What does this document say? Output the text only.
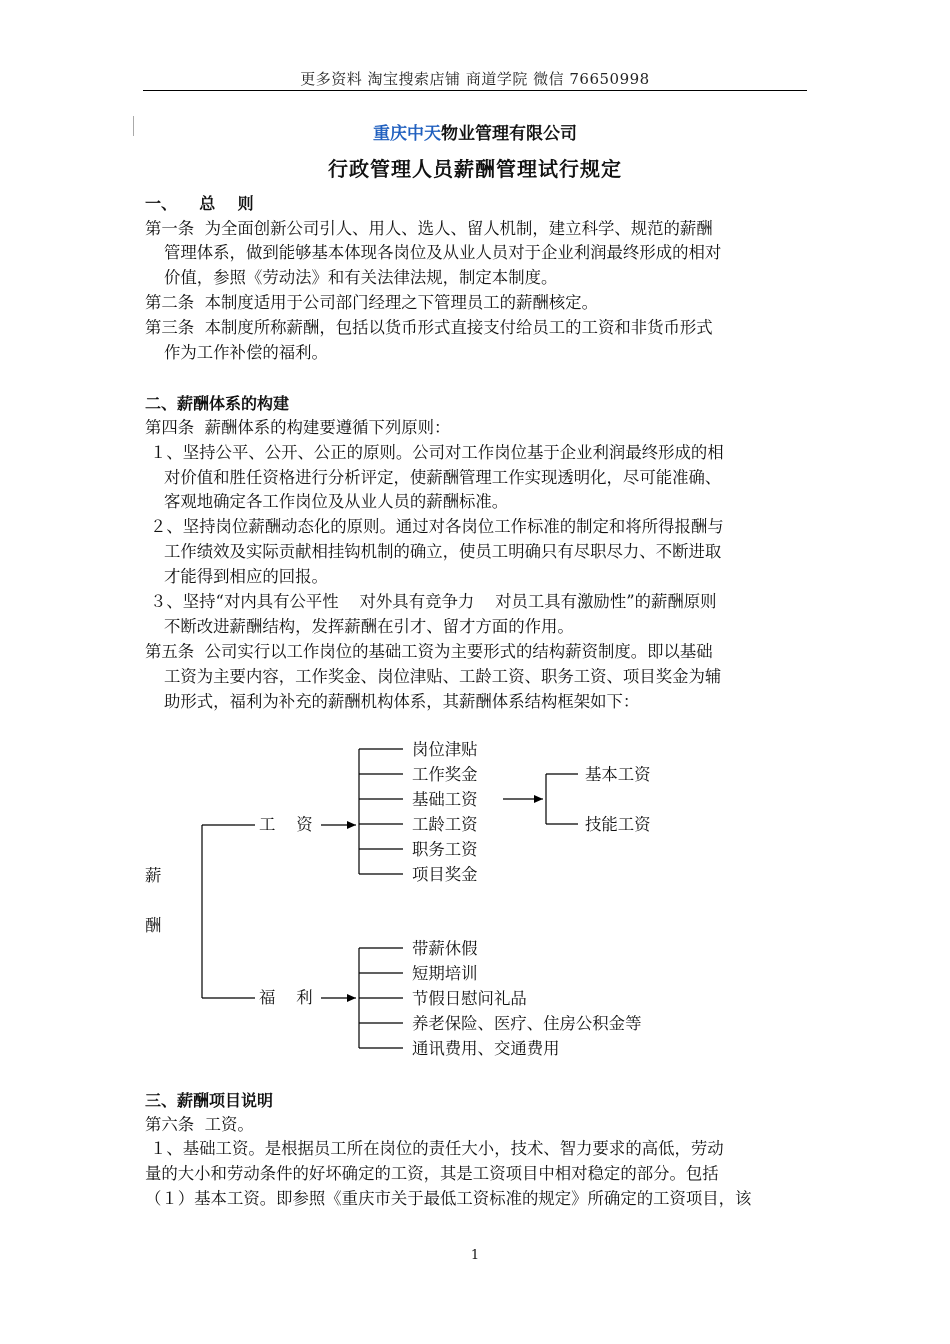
更多资料 淘宝搜索店铺 商道学院 微信 76650998
重庆中天物业管理有限公司
行政管理人员薪酬管理试行规定
一、    总    则
第一条  为全面创新公司引人、用人、选人、留人机制，建立科学、规范的薪酬
管理体系，做到能够基本体现各岗位及从业人员对于企业利润最终形成的相对
价值，参照《劳动法》和有关法律法规，制定本制度。
第二条  本制度适用于公司部门经理之下管理员工的薪酬核定。
第三条  本制度所称薪酬，包括以货币形式直接支付给员工的工资和非货币形式
作为工作补偿的福利。
二、薪酬体系的构建
第四条  薪酬体系的构建要遵循下列原则：
１、坚持公平、公开、公正的原则。公司对工作岗位基于企业利润最终形成的相
对价值和胜任资格进行分析评定，使薪酬管理工作实现透明化，尽可能准确、
客观地确定各工作岗位及从业人员的薪酬标准。
２、坚持岗位薪酬动态化的原则。通过对各岗位工作标准的制定和将所得报酬与
工作绩效及实际贡献相挂钩机制的确立，使员工明确只有尽职尽力、不断进取
才能得到相应的回报。
３、坚持“对内具有公平性    对外具有竞争力    对员工具有激励性”的薪酬原则
不断改进薪酬结构，发挥薪酬在引才、留才方面的作用。
第五条  公司实行以工作岗位的基础工资为主要形式的结构薪资制度。即以基础
工资为主要内容，工作奖金、岗位津贴、工龄工资、职务工资、项目奖金为辅
助形式，福利为补充的薪酬机构体系，其薪酬体系结构框架如下：
薪
酬
工    资
岗位津贴
工作奖金
基础工资
工龄工资
职务工资
项目奖金
基本工资
技能工资
福    利
带薪休假
短期培训
节假日慰问礼品
养老保险、医疗、住房公积金等
通讯费用、交通费用
三、薪酬项目说明
第六条  工资。
１、基础工资。是根据员工所在岗位的责任大小，技术、智力要求的高低，劳动
量的大小和劳动条件的好坏确定的工资，其是工资项目中相对稳定的部分。包括
（１）基本工资。即参照《重庆市关于最低工资标准的规定》所确定的工资项目，该
1
